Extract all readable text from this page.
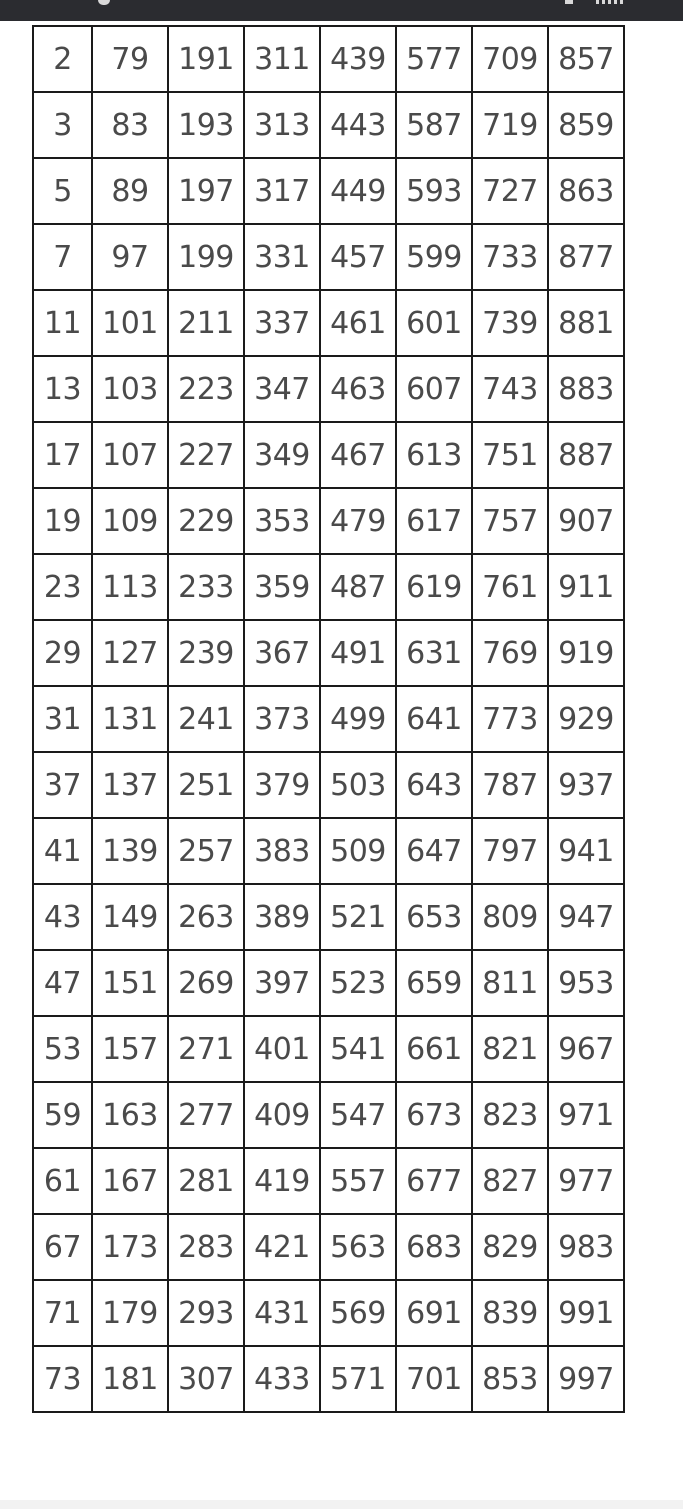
2	79	191	311	439	577	709	857
3	83	193	313	443	587	719	859
5	89	197	317	449	593	727	863
7	97	199	331	457	599	733	877
11	101	211	337	461	601	739	881
13	103	223	347	463	607	743	883
17	107	227	349	467	613	751	887
19	109	229	353	479	617	757	907
23	113	233	359	487	619	761	911
29	127	239	367	491	631	769	919
31	131	241	373	499	641	773	929
37	137	251	379	503	643	787	937
41	139	257	383	509	647	797	941
43	149	263	389	521	653	809	947
47	151	269	397	523	659	811	953
53	157	271	401	541	661	821	967
59	163	277	409	547	673	823	971
61	167	281	419	557	677	827	977
67	173	283	421	563	683	829	983
71	179	293	431	569	691	839	991
73	181	307	433	571	701	853	997
